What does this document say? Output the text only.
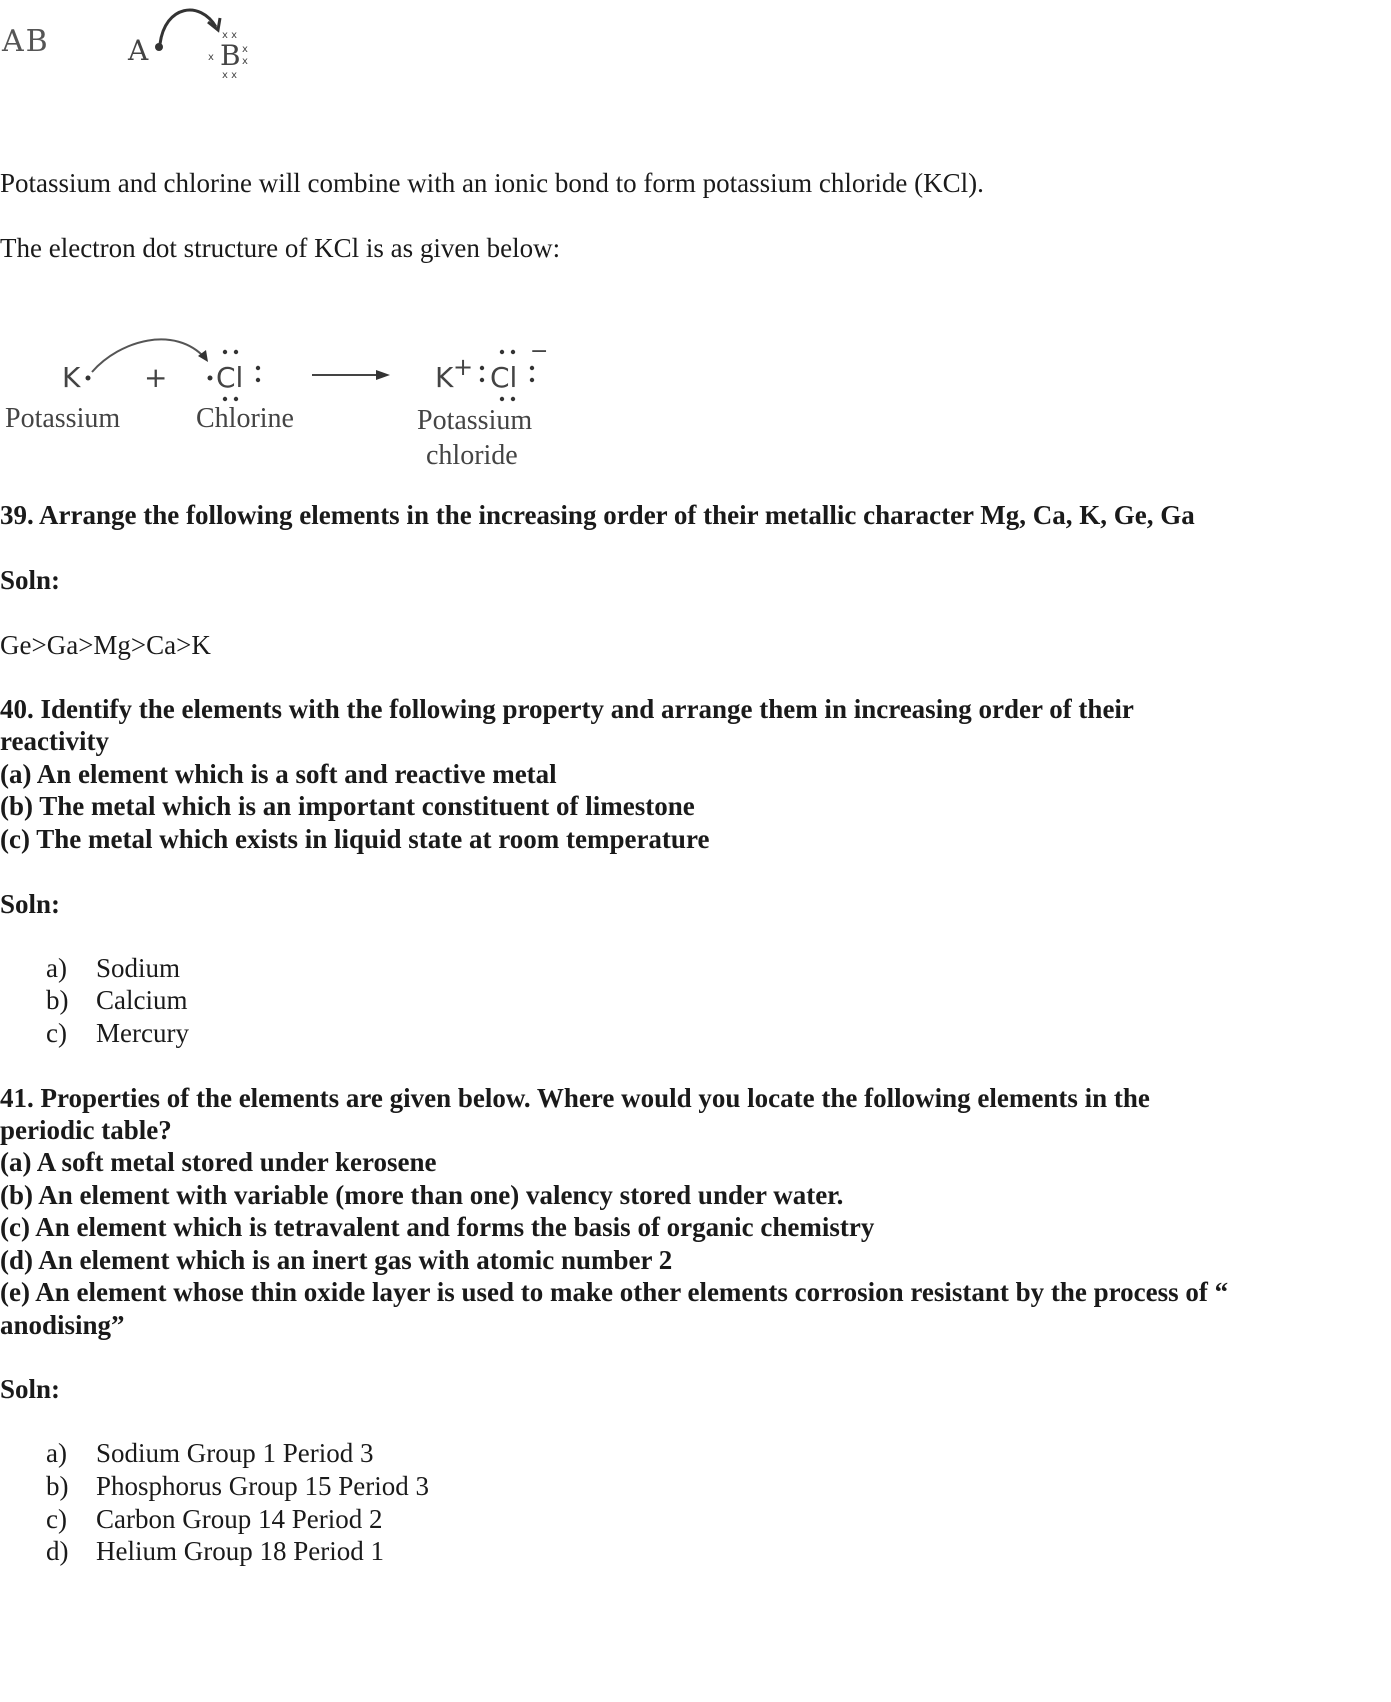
AB	A	B
x x
x x
x
x
x
Potassium and chlorine will combine with an ionic bond to form potassium chloride (KCl).
The electron dot structure of KCl is as given below:
K + Cl	K + Cl
−
Potassium	Chlorine	Potassium
chloride
39. Arrange the following elements in the increasing order of their metallic character Mg, Ca, K, Ge, Ga
Soln:
Ge>Ga>Mg>Ca>K
40. Identify the elements with the following property and arrange them in increasing order of their
reactivity
(a) An element which is a soft and reactive metal
(b) The metal which is an important constituent of limestone
(c) The metal which exists in liquid state at room temperature
Soln:
a) Sodium
b) Calcium
c) Mercury
41. Properties of the elements are given below. Where would you locate the following elements in the
periodic table?
(a) A soft metal stored under kerosene
(b) An element with variable (more than one) valency stored under water.
(c) An element which is tetravalent and forms the basis of organic chemistry
(d) An element which is an inert gas with atomic number 2
(e) An element whose thin oxide layer is used to make other elements corrosion resistant by the process of “
anodising”
Soln:
a) Sodium Group 1 Period 3
b) Phosphorus Group 15 Period 3
c) Carbon Group 14 Period 2
d) Helium Group 18 Period 1
